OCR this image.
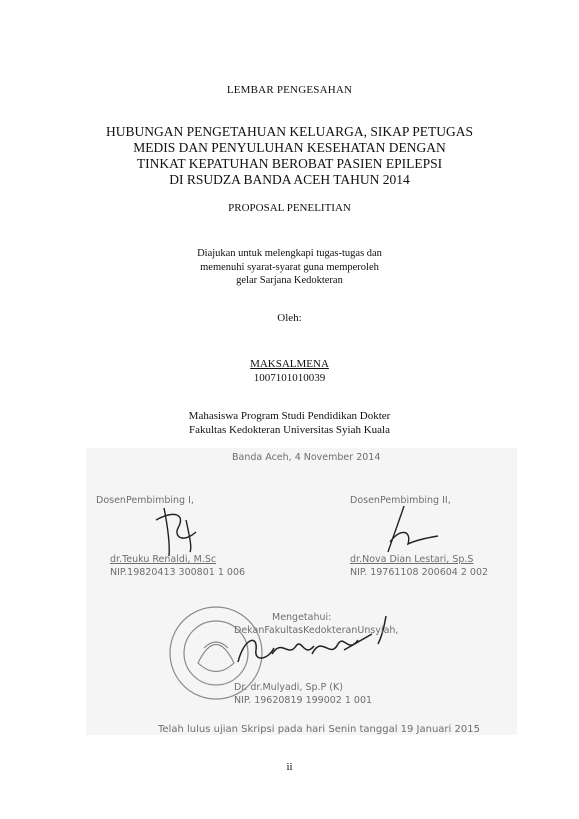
LEMBAR PENGESAHAN
HUBUNGAN PENGETAHUAN KELUARGA, SIKAP PETUGAS
MEDIS DAN PENYULUHAN KESEHATAN DENGAN
TINKAT KEPATUHAN BEROBAT PASIEN EPILEPSI
DI RSUDZA BANDA ACEH TAHUN 2014
PROPOSAL PENELITIAN
Diajukan untuk melengkapi tugas-tugas dan
memenuhi syarat-syarat guna memperoleh
gelar Sarjana Kedokteran
Oleh:
MAKSALMENA
1007101010039
Mahasiswa Program Studi Pendidikan Dokter
Fakultas Kedokteran Universitas Syiah Kuala
Banda Aceh, 4 November 2014
DosenPembimbing I,	DosenPembimbing II,
dr.Teuku Renaldi, M.Sc
NIP.19820413 300801 1 006
dr.Nova Dian Lestari, Sp.S
NIP. 19761108 200604 2 002
Mengetahui:
DekanFakultasKedokteranUnsyiah,
Dr. dr.Mulyadi, Sp.P (K)
NIP. 19620819 199002 1 001
Telah lulus ujian Skripsi pada hari Senin tanggal 19 Januari 2015
ii
